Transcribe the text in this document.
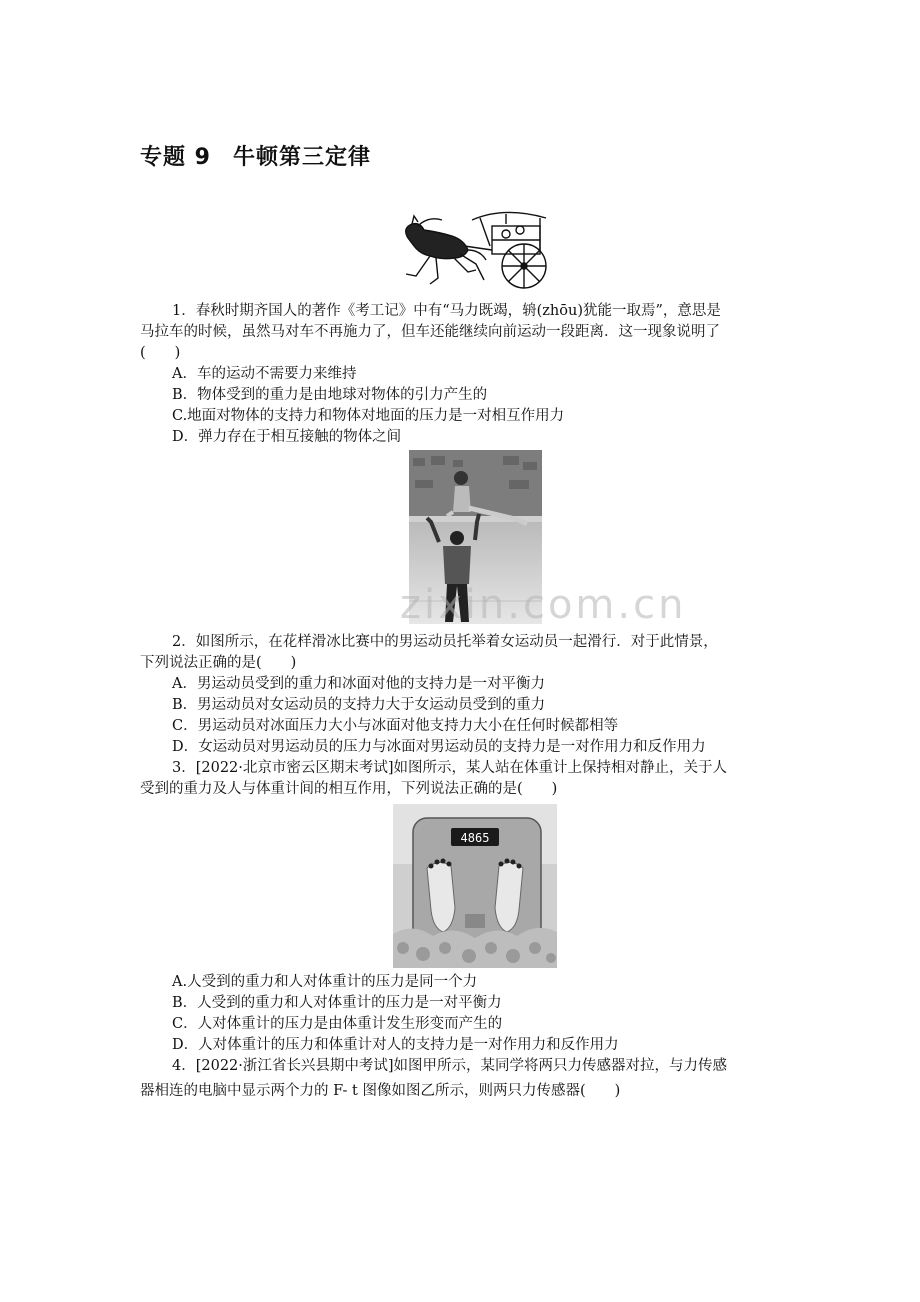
专题 9 牛顿第三定律
1．春秋时期齐国人的著作《考工记》中有“马力既竭，辀(zhōu)犹能一取焉”，意思是
马拉车的时候，虽然马对车不再施力了，但车还能继续向前运动一段距离．这一现象说明了
(　　)
A．车的运动不需要力来维持
B．物体受到的重力是由地球对物体的引力产生的
C.地面对物体的支持力和物体对地面的压力是一对相互作用力
D．弹力存在于相互接触的物体之间
zixin.com.cn
2．如图所示，在花样滑冰比赛中的男运动员托举着女运动员一起滑行．对于此情景，
下列说法正确的是(　　)
A．男运动员受到的重力和冰面对他的支持力是一对平衡力
B．男运动员对女运动员的支持力大于女运动员受到的重力
C．男运动员对冰面压力大小与冰面对他支持力大小在任何时候都相等
D．女运动员对男运动员的压力与冰面对男运动员的支持力是一对作用力和反作用力
3．[2022·北京市密云区期末考试]如图所示，某人站在体重计上保持相对静止，关于人
受到的重力及人与体重计间的相互作用，下列说法正确的是(　　)
4865
A.人受到的重力和人对体重计的压力是同一个力
B．人受到的重力和人对体重计的压力是一对平衡力
C．人对体重计的压力是由体重计发生形变而产生的
D．人对体重计的压力和体重计对人的支持力是一对作用力和反作用力
4．[2022·浙江省长兴县期中考试]如图甲所示，某同学将两只力传感器对拉，与力传感
器相连的电脑中显示两个力的 F- t 图像如图乙所示，则两只力传感器(　　)
